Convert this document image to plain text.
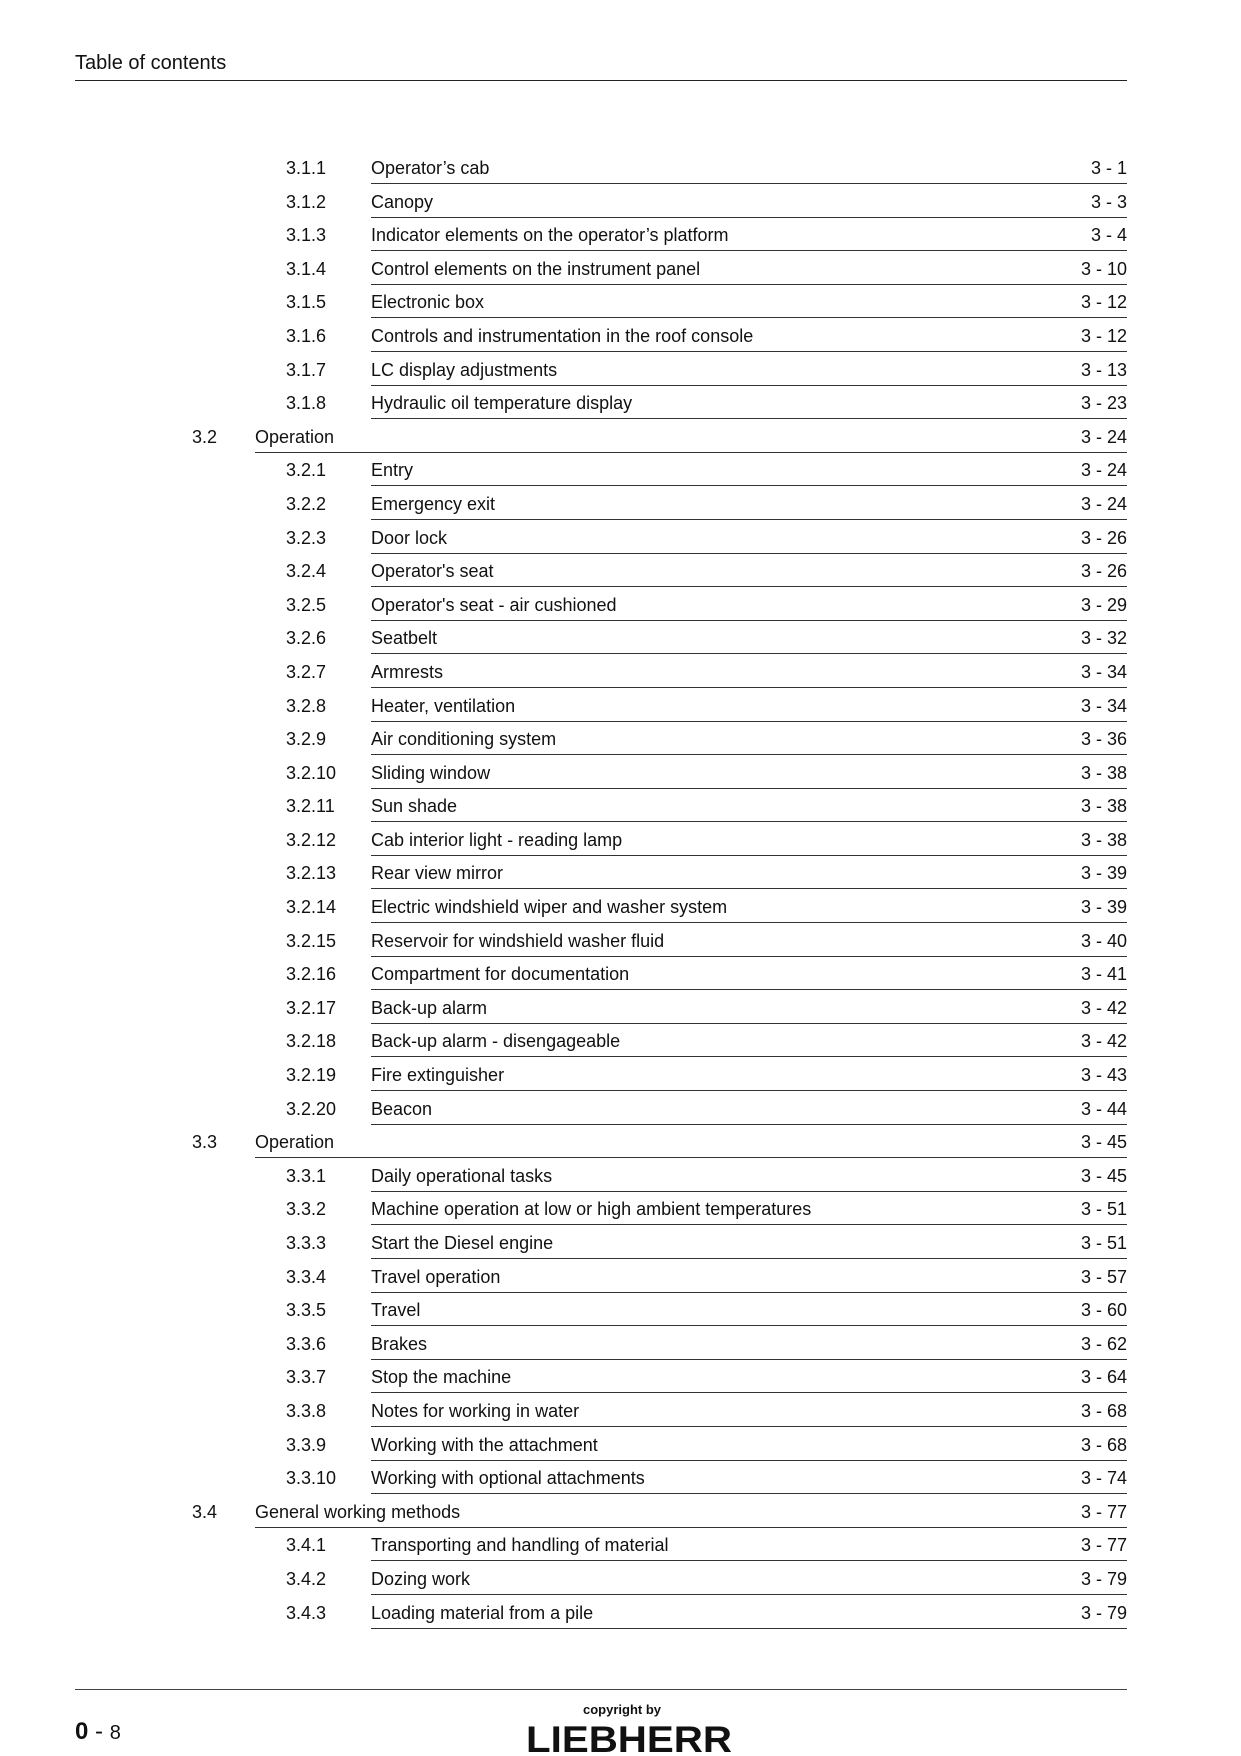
Table of contents
3.1.1 Operator’s cab	3 - 1
3.1.2 Canopy	3 - 3
3.1.3 Indicator elements on the operator’s platform	3 - 4
3.1.4 Control elements on the instrument panel	3 - 10
3.1.5 Electronic box	3 - 12
3.1.6 Controls and instrumentation in the roof console	3 - 12
3.1.7 LC display adjustments	3 - 13
3.1.8 Hydraulic oil temperature display	3 - 23
3.2 Operation	3 - 24
3.2.1 Entry	3 - 24
3.2.2 Emergency exit	3 - 24
3.2.3 Door lock	3 - 26
3.2.4 Operator's seat	3 - 26
3.2.5 Operator's seat - air cushioned	3 - 29
3.2.6 Seatbelt	3 - 32
3.2.7 Armrests	3 - 34
3.2.8 Heater, ventilation	3 - 34
3.2.9 Air conditioning system	3 - 36
3.2.10 Sliding window	3 - 38
3.2.11 Sun shade	3 - 38
3.2.12 Cab interior light - reading lamp	3 - 38
3.2.13 Rear view mirror	3 - 39
3.2.14 Electric windshield wiper and washer system	3 - 39
3.2.15 Reservoir for windshield washer fluid	3 - 40
3.2.16 Compartment for documentation	3 - 41
3.2.17 Back-up alarm	3 - 42
3.2.18 Back-up alarm - disengageable	3 - 42
3.2.19 Fire extinguisher	3 - 43
3.2.20 Beacon	3 - 44
3.3 Operation	3 - 45
3.3.1 Daily operational tasks	3 - 45
3.3.2 Machine operation at low or high ambient temperatures	3 - 51
3.3.3 Start the Diesel engine	3 - 51
3.3.4 Travel operation	3 - 57
3.3.5 Travel	3 - 60
3.3.6 Brakes	3 - 62
3.3.7 Stop the machine	3 - 64
3.3.8 Notes for working in water	3 - 68
3.3.9 Working with the attachment	3 - 68
3.3.10 Working with optional attachments	3 - 74
3.4 General working methods	3 - 77
3.4.1 Transporting and handling of material	3 - 77
3.4.2 Dozing work	3 - 79
3.4.3 Loading material from a pile	3 - 79
0 - 8
copyright by
LIEBHERR
